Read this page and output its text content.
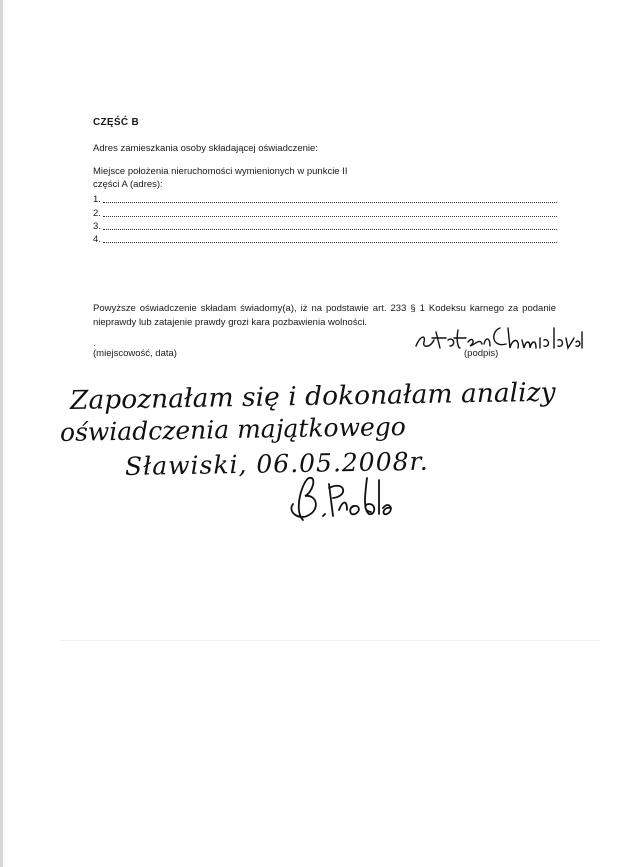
CZĘŚĆ B
Adres zamieszkania osoby składającej oświadczenie:
Miejsce położenia nieruchomości wymienionych w punkcie II
części A (adres):
1.
2.
3.
4.
Powyższe oświadczenie składam świadomy(a), iż na podstawie art. 233 § 1 Kodeksu karnego za podanie nieprawdy lub zatajenie prawdy grozi kara pozbawienia wolności.
(miejscowość, data)	(podpis)
Zapoznałam się i dokonałam analizy
oświadczenia majątkowego
Sławiski, 06.05.2008r.
·
